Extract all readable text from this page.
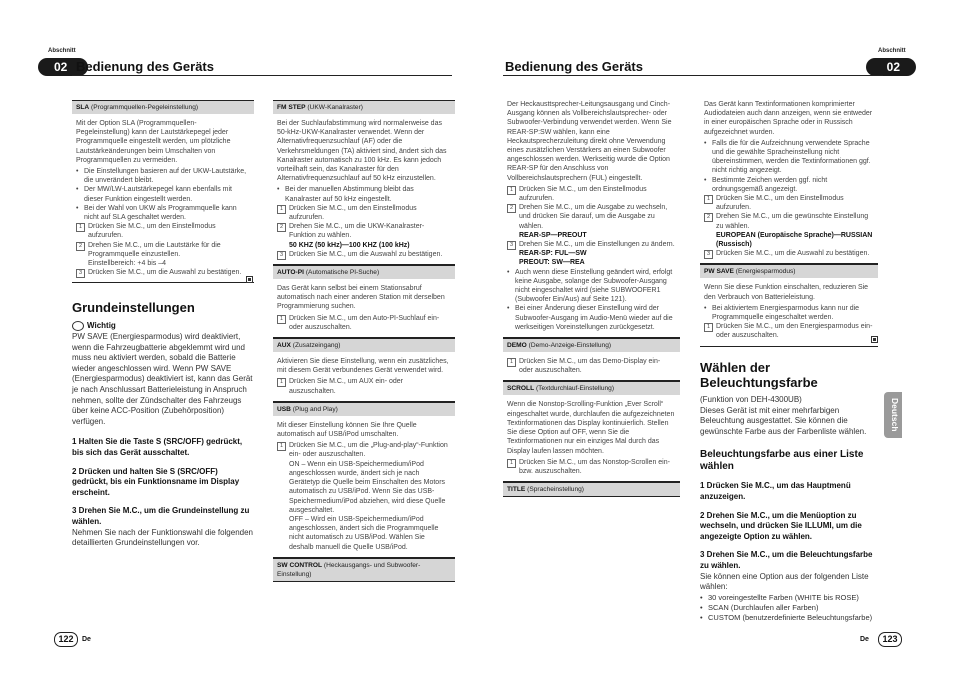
Abschnitt	Abschnitt
02	02
Bedienung des Geräts	Bedienung des Geräts
SLA (Programmquellen-Pegeleinstellung)

Mit der Option SLA (Programmquellen-Pegeleinstellung) kann der Lautstärkepegel jeder Programmquelle eingestellt werden, um plötzliche Lautstärkeänderungen beim Umschalten von Programmquellen zu vermeiden.

• Die Einstellungen basieren auf der UKW-Lautstärke, die unverändert bleibt.
• Der MW/LW-Lautstärkepegel kann ebenfalls mit dieser Funktion eingestellt werden.
• Bei der Wahl von UKW als Programmquelle kann nicht auf SLA geschaltet werden.
1 Drücken Sie M.C., um den Einstellmodus aufzurufen.
2 Drehen Sie M.C., um die Lautstärke für die Programmquelle einzustellen.
Einstellbereich: +4 bis –4
3 Drücken Sie M.C., um die Auswahl zu bestätigen.
Grundeinstellungen
Wichtig
PW SAVE (Energiesparmodus) wird deaktiviert, wenn die Fahrzeugbatterie abgeklemmt wird und muss neu aktiviert werden, sobald die Batterie wieder angeschlossen wird. Wenn PW SAVE (Energiesparmodus) deaktiviert ist, kann das Gerät je nach Anschlussart Batterieleistung in Anspruch nehmen, sollte der Zündschalter des Fahrzeugs über keine ACC-Position (Zubehörposition) verfügen.
1 Halten Sie die Taste S (SRC/OFF) gedrückt, bis sich das Gerät ausschaltet.
2 Drücken und halten Sie S (SRC/OFF) gedrückt, bis ein Funktionsname im Display erscheint.
3 Drehen Sie M.C., um die Grundeinstellung zu wählen.
Nehmen Sie nach der Funktionswahl die folgenden detaillierten Grundeinstellungen vor.
FM STEP (UKW-Kanalraster)

Bei der Suchlaufabstimmung wird normalerweise das 50-kHz-UKW-Kanalraster verwendet. Wenn der Alternativfrequenzsuchlauf (AF) oder die Verkehrsmeldungen (TA) aktiviert sind, ändert sich das Kanalraster automatisch zu 100 kHz. Es kann jedoch vorteilhaft sein, das Kanalraster für den Alternativfrequenzsuchlauf auf 50 kHz einzustellen.

• Bei der manuellen Abstimmung bleibt das Kanalraster auf 50 kHz eingestellt.
1 Drücken Sie M.C., um den Einstellmodus aufzurufen.
2 Drehen Sie M.C., um die UKW-Kanalraster-Funktion zu wählen.
50 KHZ (50 kHz)—100 KHZ (100 kHz)
3 Drücken Sie M.C., um die Auswahl zu bestätigen.
AUTO-PI (Automatische PI-Suche)

Das Gerät kann selbst bei einem Stationsabruf automatisch nach einer anderen Station mit derselben Programmierung suchen.

1 Drücken Sie M.C., um den Auto-PI-Suchlauf ein- oder auszuschalten.
AUX (Zusatzeingang)

Aktivieren Sie diese Einstellung, wenn ein zusätzliches, mit diesem Gerät verbundenes Gerät verwendet wird.

1 Drücken Sie M.C., um AUX ein- oder auszuschalten.
USB (Plug and Play)

Mit dieser Einstellung können Sie Ihre Quelle automatisch auf USB/iPod umschalten.

1 Drücken Sie M.C., um die „Plug-and-play“-Funktion ein- oder auszuschalten.
ON – Wenn ein USB-Speichermedium/iPod angeschlossen wurde, ändert sich je nach Gerätetyp die Quelle beim Einschalten des Motors automatisch zu USB/iPod. Wenn Sie das USB-Speichermedium/iPod abziehen, wird diese Quelle ausgeschaltet.
OFF – Wird ein USB-Speichermedium/iPod angeschlossen, ändert sich die Programmquelle nicht automatisch zu USB/iPod. Wählen Sie deshalb manuell die Quelle USB/iPod.
SW CONTROL (Heckausgangs- und Subwoofer-Einstellung)

Der Heckausttsprecher-Leitungsausgang und Cinch-Ausgang können als Vollbereichslautsprecher- oder Subwoofer-Verbindung verwendet werden. Wenn Sie REAR-SP:SW wählen, kann eine Heckautsprecherzuleitung direkt ohne Verwendung eines zusätzlichen Verstärkers an einen Subwoofer angeschlossen werden. Werkseitig wurde die Option REAR-SP für den Anschluss von Vollbereichslautsprechern (FUL) eingestellt.

1 Drücken Sie M.C., um den Einstellmodus aufzurufen.
2 Drehen Sie M.C., um die Ausgabe zu wechseln, und drücken Sie darauf, um die Ausgabe zu wählen.
REAR-SP—PREOUT
3 Drehen Sie M.C., um die Einstellungen zu ändern.
REAR-SP: FUL—SW
PREOUT: SW—REA
• Auch wenn diese Einstellung geändert wird, erfolgt keine Ausgabe, solange der Subwoofer-Ausgang nicht eingeschaltet wird (siehe SUBWOOFER1 (Subwoofer Ein/Aus) auf Seite 121).
• Bei einer Änderung dieser Einstellung wird der Subwoofer-Ausgang im Audio-Menü wieder auf die werkseitigen Voreinstellungen zurückgesetzt.
DEMO (Demo-Anzeige-Einstellung)
1 Drücken Sie M.C., um das Demo-Display ein- oder auszuschalten.
SCROLL (Textdurchlauf-Einstellung)

Wenn die Nonstop-Scrolling-Funktion „Ever Scroll“ eingeschaltet wurde, durchlaufen die aufgezeichneten Textinformationen das Display kontinuierlich. Stellen Sie diese Option auf OFF, wenn Sie die Textinformationen nur ein einziges Mal durch das Display laufen lassen möchten.

1 Drücken Sie M.C., um das Nonstop-Scrollen ein- bzw. auszuschalten.
TITLE (Spracheinstellung)

Das Gerät kann Textinformationen komprimierter Audiodateien auch dann anzeigen, wenn sie entweder in einer europäischen Sprache oder in Russisch aufgezeichnet wurden.

• Falls die für die Aufzeichnung verwendete Sprache und die gewählte Spracheinstellung nicht übereinstimmen, werden die Textinformationen ggf. nicht richtig angezeigt.
• Bestimmte Zeichen werden ggf. nicht ordnungsgemäß angezeigt.
1 Drücken Sie M.C., um den Einstellmodus aufzurufen.
2 Drehen Sie M.C., um die gewünschte Einstellung zu wählen.
EUROPEAN (Europäische Sprache)—RUSSIAN (Russisch)
3 Drücken Sie M.C., um die Auswahl zu bestätigen.
PW SAVE (Energiesparmodus)

Wenn Sie diese Funktion einschalten, reduzieren Sie den Verbrauch von Batterieleistung.

• Bei aktiviertem Energiesparmodus kann nur die Programmquelle eingeschaltet werden.
1 Drücken Sie M.C., um den Energiesparmodus ein- oder auszuschalten.
Wählen der Beleuchtungsfarbe
(Funktion von DEH-4300UB)
Dieses Gerät ist mit einer mehrfarbigen Beleuchtung ausgestattet. Sie können die gewünschte Farbe aus der Farbenliste wählen.
Beleuchtungsfarbe aus einer Liste wählen
1 Drücken Sie M.C., um das Hauptmenü anzuzeigen.
2 Drehen Sie M.C., um die Menüoption zu wechseln, und drücken Sie ILLUMI, um die angezeigte Option zu wählen.
3 Drehen Sie M.C., um die Beleuchtungsfarbe zu wählen.
Sie können eine Option aus der folgenden Liste wählen:
• 30 voreingestellte Farben (WHITE bis ROSE)
• SCAN (Durchlaufen aller Farben)
• CUSTOM (benutzerdefinierte Beleuchtungsfarbe)
Deutsch
122	De	De	123
